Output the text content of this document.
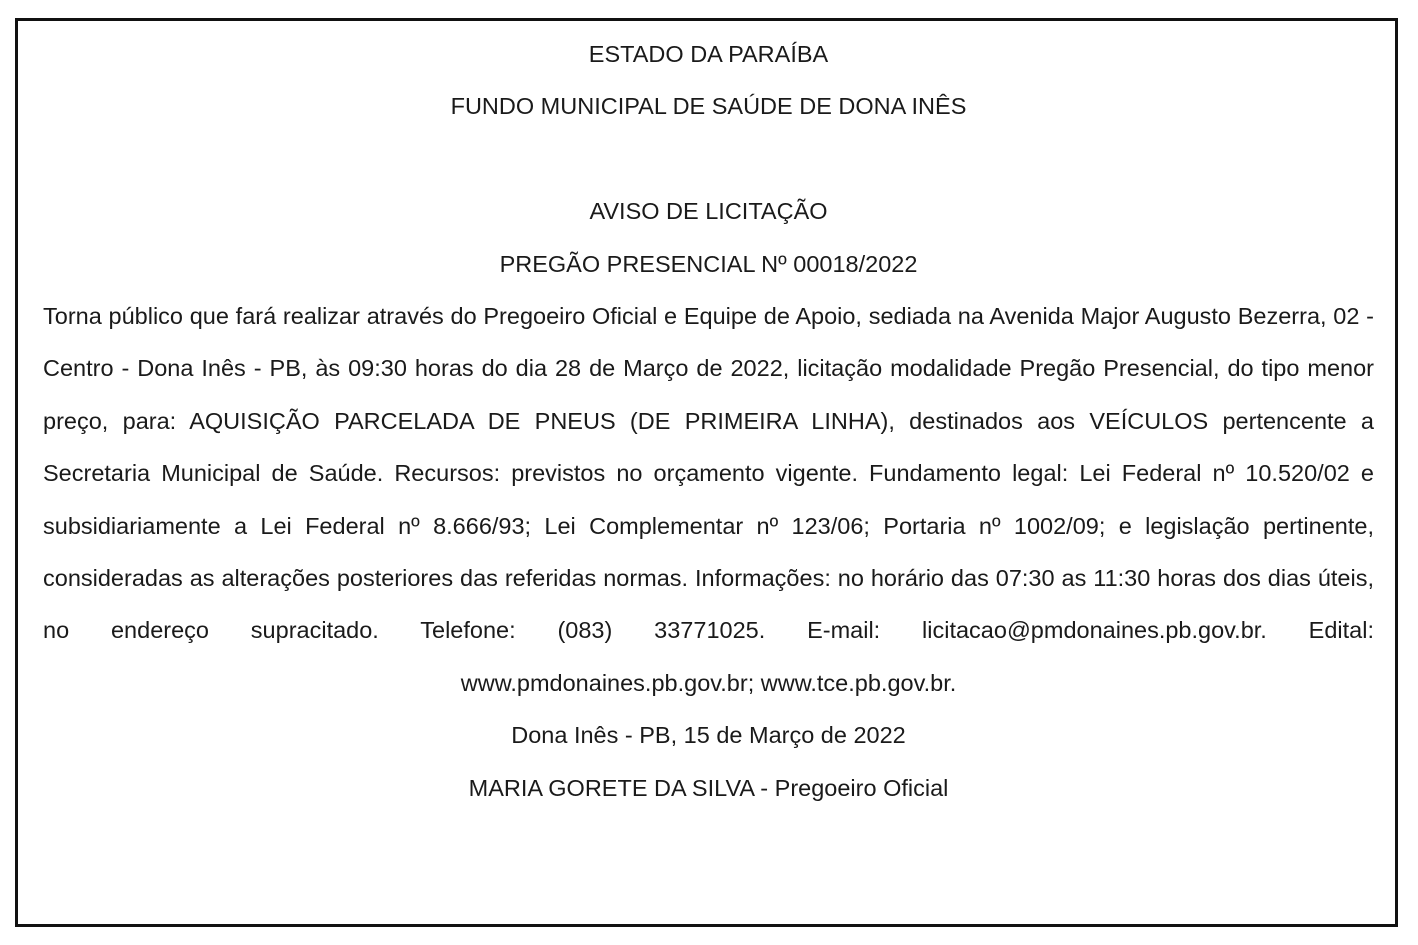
ESTADO DA PARAÍBA

FUNDO MUNICIPAL DE SAÚDE DE DONA INÊS

AVISO DE LICITAÇÃO

PREGÃO PRESENCIAL Nº 00018/2022

Torna público que fará realizar através do Pregoeiro Oficial e Equipe de Apoio, sediada na Avenida Major Augusto Bezerra, 02 - Centro - Dona Inês - PB, às 09:30 horas do dia 28 de Março de 2022, licitação modalidade Pregão Presencial, do tipo menor preço, para: AQUISIÇÃO PARCELADA DE PNEUS (DE PRIMEIRA LINHA), destinados aos VEÍCULOS pertencente a Secretaria Municipal de Saúde. Recursos: previstos no orçamento vigente. Fundamento legal: Lei Federal nº 10.520/02 e subsidiariamente a Lei Federal nº 8.666/93; Lei Complementar nº 123/06; Portaria nº 1002/09; e legislação pertinente, consideradas as alterações posteriores das referidas normas. Informações: no horário das 07:30 as 11:30 horas dos dias úteis, no endereço supracitado. Telefone: (083) 33771025. E-mail: licitacao@pmdonaines.pb.gov.br. Edital: www.pmdonaines.pb.gov.br; www.tce.pb.gov.br.

Dona Inês - PB, 15 de Março de 2022

MARIA GORETE DA SILVA - Pregoeiro Oficial
